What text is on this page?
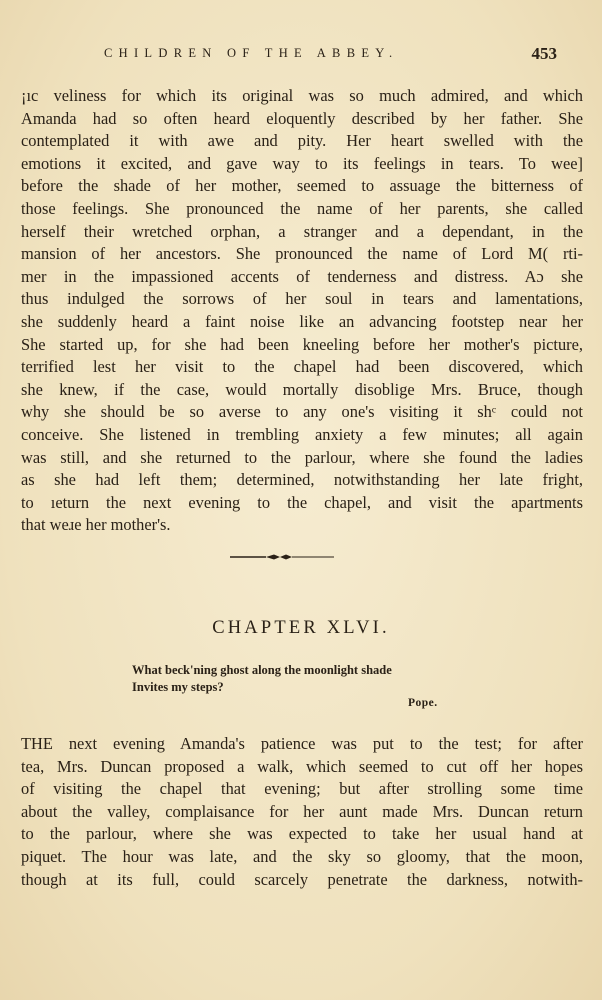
CHILDREN OF THE ABBEY.	453
¡ıc veliness for which its original was so much admired, and which
Amanda had so often heard eloquently described by her father. She
contemplated it with awe and pity. Her heart swelled with the
emotions it excited, and gave way to its feelings in tears. To wee]
before the shade of her mother, seemed to assuage the bitterness of
those feelings. She pronounced the name of her parents, she called
herself their wretched orphan, a stranger and a dependant, in the
mansion of her ancestors. She pronounced the name of Lord M( rti-
mer in the impassioned accents of tenderness and distress. Aɔ she
thus indulged the sorrows of her soul in tears and lamentations,
she suddenly heard a faint noise like an advancing footstep near her
She started up, for she had been kneeling before her mother's picture,
terrified lest her visit to the chapel had been discovered, which
she knew, if the case, would mortally disoblige Mrs. Bruce, though
why she should be so averse to any one's visiting it shᶜ could not
conceive. She listened in trembling anxiety a few minutes; all again
was still, and she returned to the parlour, where she found the ladies
as she had left them; determined, notwithstanding her late fright,
to ıeturn the next evening to the chapel, and visit the apartments
that weɹe her mother's.
CHAPTER XLVI.
What beck'ning ghost along the moonlight shade
Invites my steps?
Pope.
THE next evening Amanda's patience was put to the test; for after
tea, Mrs. Duncan proposed a walk, which seemed to cut off her hopes
of visiting the chapel that evening; but after strolling some time
about the valley, complaisance for her aunt made Mrs. Duncan return
to the parlour, where she was expected to take her usual hand at
piquet. The hour was late, and the sky so gloomy, that the moon,
though at its full, could scarcely penetrate the darkness, notwith-
